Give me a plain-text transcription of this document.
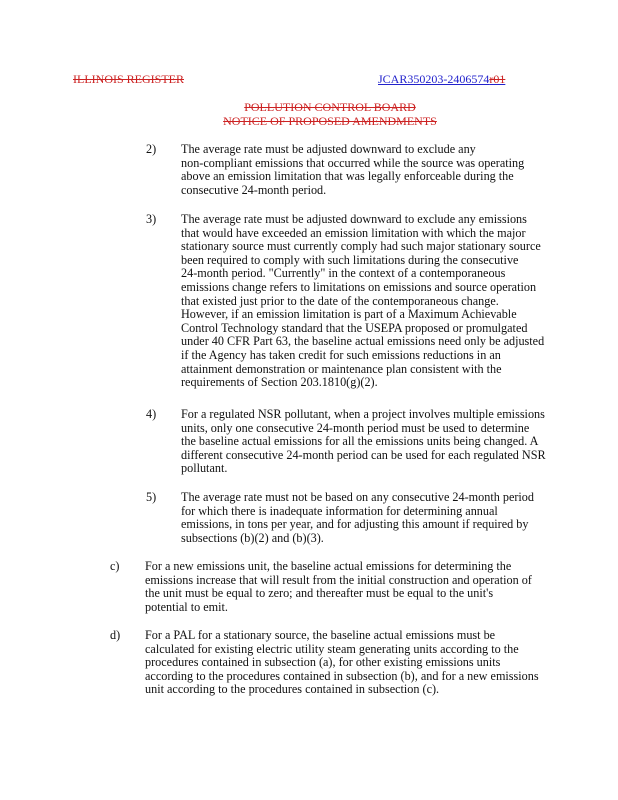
ILLINOIS REGISTER	JCAR350203-2406574r01
POLLUTION CONTROL BOARD
NOTICE OF PROPOSED AMENDMENTS
2) The average rate must be adjusted downward to exclude any
non-compliant emissions that occurred while the source was operating
above an emission limitation that was legally enforceable during the
consecutive 24-month period.
3) The average rate must be adjusted downward to exclude any emissions
that would have exceeded an emission limitation with which the major
stationary source must currently comply had such major stationary source
been required to comply with such limitations during the consecutive
24-month period. "Currently" in the context of a contemporaneous
emissions change refers to limitations on emissions and source operation
that existed just prior to the date of the contemporaneous change.
However, if an emission limitation is part of a Maximum Achievable
Control Technology standard that the USEPA proposed or promulgated
under 40 CFR Part 63, the baseline actual emissions need only be adjusted
if the Agency has taken credit for such emissions reductions in an
attainment demonstration or maintenance plan consistent with the
requirements of Section 203.1810(g)(2).
4) For a regulated NSR pollutant, when a project involves multiple emissions
units, only one consecutive 24-month period must be used to determine
the baseline actual emissions for all the emissions units being changed. A
different consecutive 24-month period can be used for each regulated NSR
pollutant.
5) The average rate must not be based on any consecutive 24-month period
for which there is inadequate information for determining annual
emissions, in tons per year, and for adjusting this amount if required by
subsections (b)(2) and (b)(3).
c) For a new emissions unit, the baseline actual emissions for determining the
emissions increase that will result from the initial construction and operation of
the unit must be equal to zero; and thereafter must be equal to the unit's
potential to emit.
d) For a PAL for a stationary source, the baseline actual emissions must be
calculated for existing electric utility steam generating units according to the
procedures contained in subsection (a), for other existing emissions units
according to the procedures contained in subsection (b), and for a new emissions
unit according to the procedures contained in subsection (c).
